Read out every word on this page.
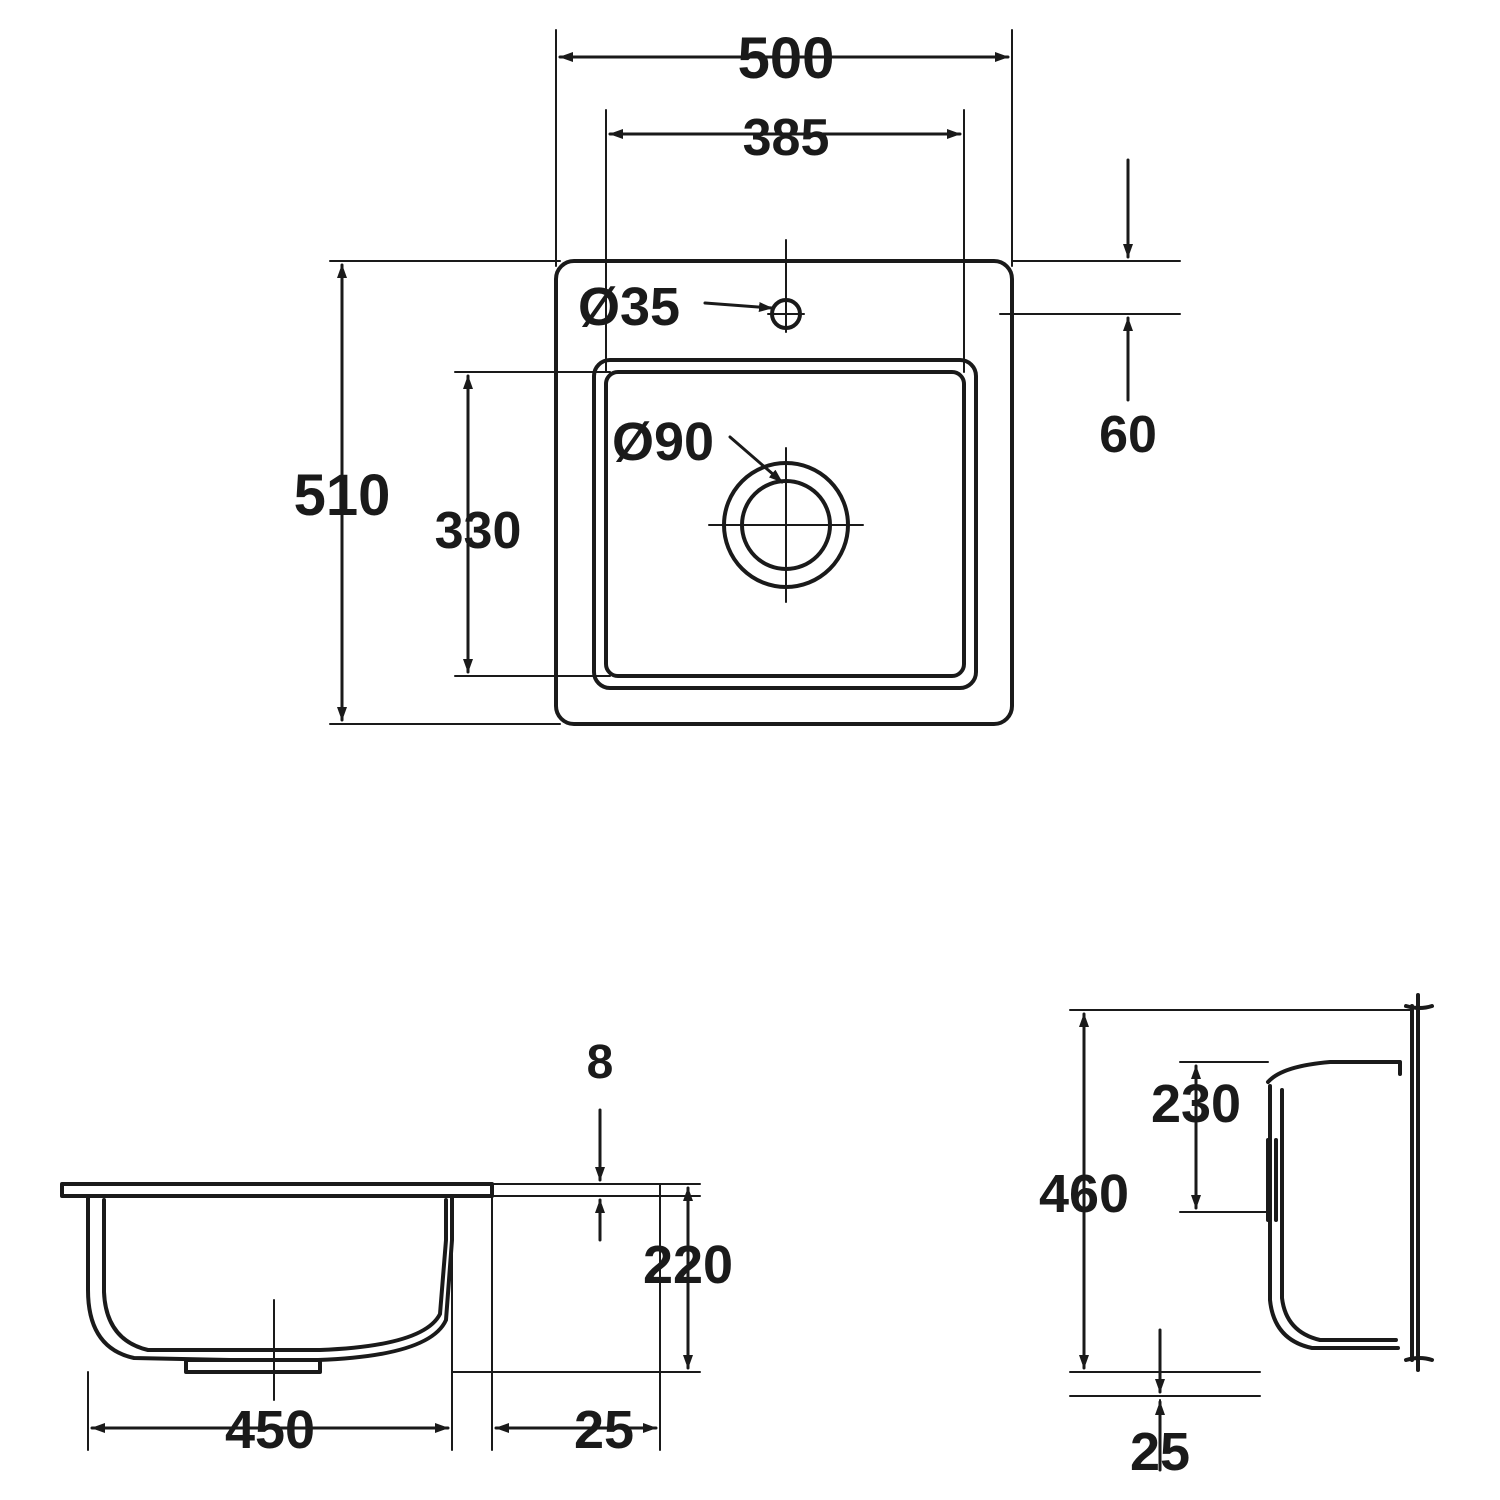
500
385
510
330
60
Ø35
Ø90
8
220
450	25
460
230
25
